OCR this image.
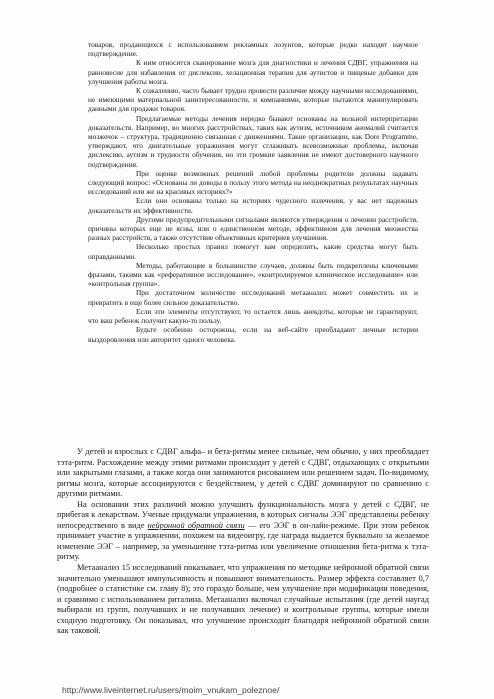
товаров, продающихся с использованием рекламных лозунгов, которые редко находят научное подтверждение.

К ним относится сканирование мозга для диагностики и лечения СДВГ, упражнения на равновесие для избавления от дислексии, хелационная терапия для аутистов и пищевые добавки для улучшения работы мозга.

К сожалению, часто бывает трудно провести различие между научными исследованиями, не имеющими материальной заинтересованности, и компаниями, которые пытаются манипулировать данными для продажи товаров.

Предлагаемые методы лечения нередко бывают основаны на вольной интерпретации доказательств. Например, во многих расстройствах, таких как аутизм, источником аномалий считается мозжечок – структура, традиционно связанная с движениями. Такие организации, как Dore Programme, утверждают, что двигательные упражнения могут сглаживать всевозможные проблемы, включая дислексию, аутизм и трудности обучения, но эти громкие заявления не имеют достоверного научного подтверждения.

При оценке возможных решений любой проблемы родители должны задавать следующий вопрос: «Основаны ли доводы в пользу этого метода на неоднократных результатах научных исследований или же на красивых историях?»

Если они основаны только на историях чудесного излечения, у вас нет надежных доказательств их эффективности.

Другими предупредительными сигналами являются утверждения о лечении расстройств, причины которых еще не ясны, или о единственном методе, эффективном для лечения множества разных расстройств, а также отсутствие объективных критериев улучшения.

Несколько простых правил помогут вам определить, какие средства могут быть оправданными.

Методы, работающие в большинстве случаев, должны быть подкреплены ключевыми фразами, такими как «реферативное исследование», «контролируемое клиническое исследование» или «контрольная группа».

При достаточном количестве исследований метаанализ может совместить их и превратить в еще более сильное доказательство.

Если эти элементы отсутствуют, то остается лишь анекдоты, которые не гарантируют, что ваш ребенок получит какую-то пользу.

Будьте особенно осторожны, если на веб-сайте преобладают личные истории выздоровления или авторитет одного человека.

У детей и взрослых с СДВГ альфа– и бета-ритмы менее сильные, чем обычно, у них преобладает тэта-ритм. Расхождение между этими ритмами происходит у детей с СДВГ, отдыхающих с открытыми или закрытыми глазами, а также когда они занимаются рисованием или решением задач. По-видимому, ритмы мозга, которые ассоциируются с бездействием, у детей с СДВГ доминируют по сравнению с другими ритмами.

На основании этих различий можно улучшить функциональность мозга у детей с СДВГ, не прибегая к лекарствам. Ученые придумали упражнения, в которых сигналы ЭЭГ представлены ребенку непосредственно в виде нейронной обратной связи — его ЭЭГ в он-лайн-режиме. При этом ребенок принимает участие в упражнении, похожем на видеоигру, где награда выдается буквально за желаемое изменение ЭЭГ – например, за уменьшение тэта-ритма или увеличение отношения бета-ритма к тэта-ритму.

Метаанализ 15 исследований показывает, что упражнения по методике нейронной обратной связи значительно уменьшают импульсивность и повышают внимательность. Размер эффекта составляет 0,7 (подробнее о статистике см. главу 8); это гораздо больше, чем улучшение при модификации поведения, и сравнимо с использованием риталина. Метаанализ включал случайные испытания (где детей наугад выбирали из групп, получавших и не получавших лечение) и контрольные группы, которые имели сходную подготовку. Он показывал, что улучшение происходит благодаря нейронной обратной связи как таковой.

http://www.liveinternet.ru/users/moim_vnukam_poleznoe/
